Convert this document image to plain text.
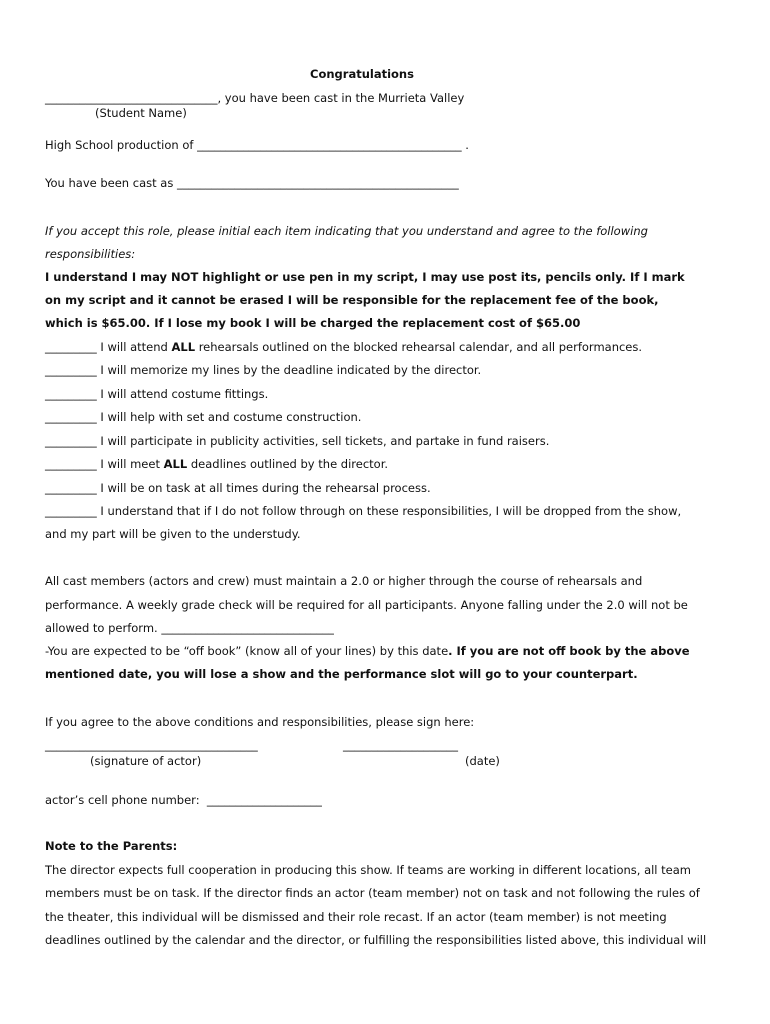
Congratulations
______________________________, you have been cast in the Murrieta Valley
(Student Name)
High School production of ______________________________________________ .
You have been cast as _________________________________________________
If you accept this role, please initial each item indicating that you understand and agree to the following
responsibilities:
I understand I may NOT highlight or use pen in my script, I may use post its, pencils only. If I mark
on my script and it cannot be erased I will be responsible for the replacement fee of the book,
which is $65.00. If I lose my book I will be charged the replacement cost of $65.00
_________ I will attend ALL rehearsals outlined on the blocked rehearsal calendar, and all performances.
_________ I will memorize my lines by the deadline indicated by the director.
_________ I will attend costume fittings.
_________ I will help with set and costume construction.
_________ I will participate in publicity activities, sell tickets, and partake in fund raisers.
_________ I will meet ALL deadlines outlined by the director.
_________ I will be on task at all times during the rehearsal process.
_________ I understand that if I do not follow through on these responsibilities, I will be dropped from the show,
and my part will be given to the understudy.
All cast members (actors and crew) must maintain a 2.0 or higher through the course of rehearsals and
performance. A weekly grade check will be required for all participants. Anyone falling under the 2.0 will not be
allowed to perform. ______________________________
-You are expected to be “off book” (know all of your lines) by this date. If you are not off book by the above
mentioned date, you will lose a show and the performance slot will go to your counterpart.
If you agree to the above conditions and responsibilities, please sign here:
_____________________________________	____________________
(signature of actor)	(date)
actor’s cell phone number:  ____________________
Note to the Parents:
The director expects full cooperation in producing this show. If teams are working in different locations, all team
members must be on task. If the director finds an actor (team member) not on task and not following the rules of
the theater, this individual will be dismissed and their role recast. If an actor (team member) is not meeting
deadlines outlined by the calendar and the director, or fulfilling the responsibilities listed above, this individual will
